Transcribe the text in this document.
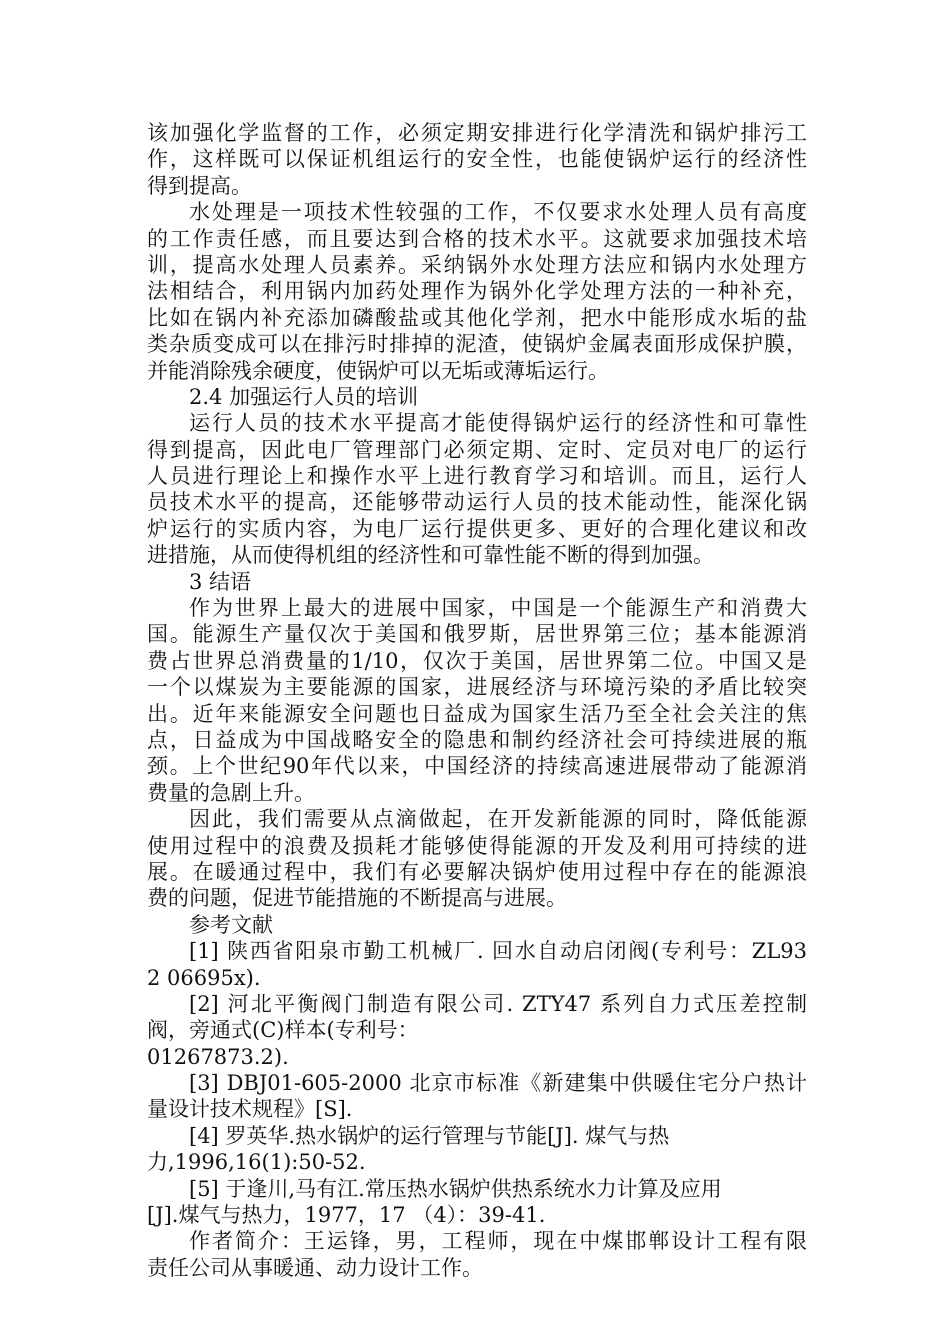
该加强化学监督的工作，必须定期安排进行化学清洗和锅炉排污工
作，这样既可以保证机组运行的安全性，也能使锅炉运行的经济性
得到提高。
水处理是一项技术性较强的工作，不仅要求水处理人员有高度
的工作责任感，而且要达到合格的技术水平。这就要求加强技术培
训，提高水处理人员素养。采纳锅外水处理方法应和锅内水处理方
法相结合，利用锅内加药处理作为锅外化学处理方法的一种补充，
比如在锅内补充添加磷酸盐或其他化学剂，把水中能形成水垢的盐
类杂质变成可以在排污时排掉的泥渣，使锅炉金属表面形成保护膜，
并能消除残余硬度，使锅炉可以无垢或薄垢运行。
2.4 加强运行人员的培训
运行人员的技术水平提高才能使得锅炉运行的经济性和可靠性
得到提高，因此电厂管理部门必须定期、定时、定员对电厂的运行
人员进行理论上和操作水平上进行教育学习和培训。而且，运行人
员技术水平的提高，还能够带动运行人员的技术能动性，能深化锅
炉运行的实质内容，为电厂运行提供更多、更好的合理化建议和改
进措施，从而使得机组的经济性和可靠性能不断的得到加强。
3 结语
作为世界上最大的进展中国家，中国是一个能源生产和消费大
国。能源生产量仅次于美国和俄罗斯，居世界第三位；基本能源消
费占世界总消费量的1/10，仅次于美国，居世界第二位。中国又是
一个以煤炭为主要能源的国家，进展经济与环境污染的矛盾比较突
出。近年来能源安全问题也日益成为国家生活乃至全社会关注的焦
点，日益成为中国战略安全的隐患和制约经济社会可持续进展的瓶
颈。上个世纪90年代以来，中国经济的持续高速进展带动了能源消
费量的急剧上升。
因此，我们需要从点滴做起，在开发新能源的同时，降低能源
使用过程中的浪费及损耗才能够使得能源的开发及利用可持续的进
展。在暖通过程中，我们有必要解决锅炉使用过程中存在的能源浪
费的问题，促进节能措施的不断提高与进展。
参考文献
[1] 陕西省阳泉市勤工机械厂. 回水自动启闭阀(专利号：ZL93
2 06695x).
[2] 河北平衡阀门制造有限公司. ZTY47 系列自力式压差控制
阀，旁通式(C)样本(专利号：
01267873.2).
[3] DBJ01-605-2000 北京市标准《新建集中供暖住宅分户热计
量设计技术规程》[S].
[4] 罗英华.热水锅炉的运行管理与节能[J]. 煤气与热
力,1996,16(1):50-52.
[5] 于逢川,马有江.常压热水锅炉供热系统水力计算及应用
[J].煤气与热力，1977，17 （4）：39-41.
作者简介：王运锋，男，工程师，现在中煤邯郸设计工程有限
责任公司从事暖通、动力设计工作。
